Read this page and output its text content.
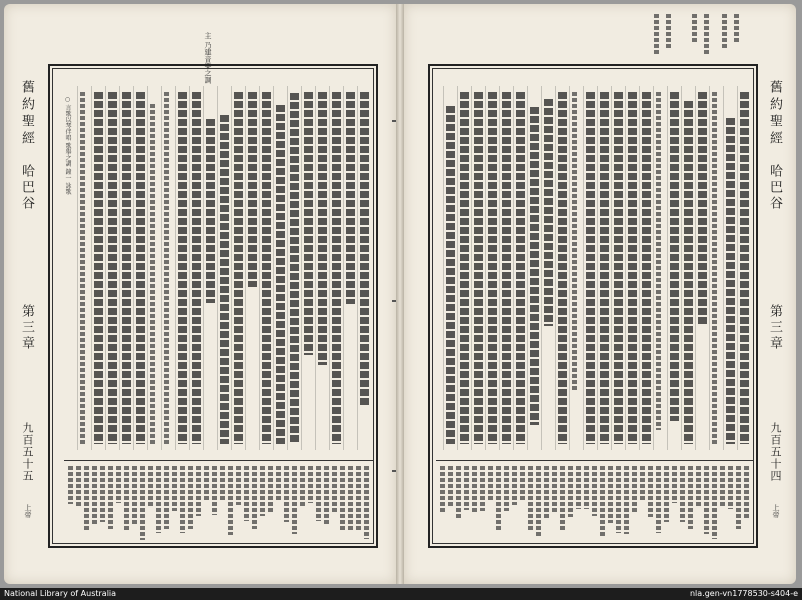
主 乃建音樂之調
舊約聖經
哈巴谷
第三章
九百五十五
上帝
○ 言歌以琴伴唱 歌舉之調 鐘一 詠歌	舊約聖經
哈巴谷
第三章
九百五十四
上帝
National Library of Australia	nla.gen-vn1778530-s404-e
